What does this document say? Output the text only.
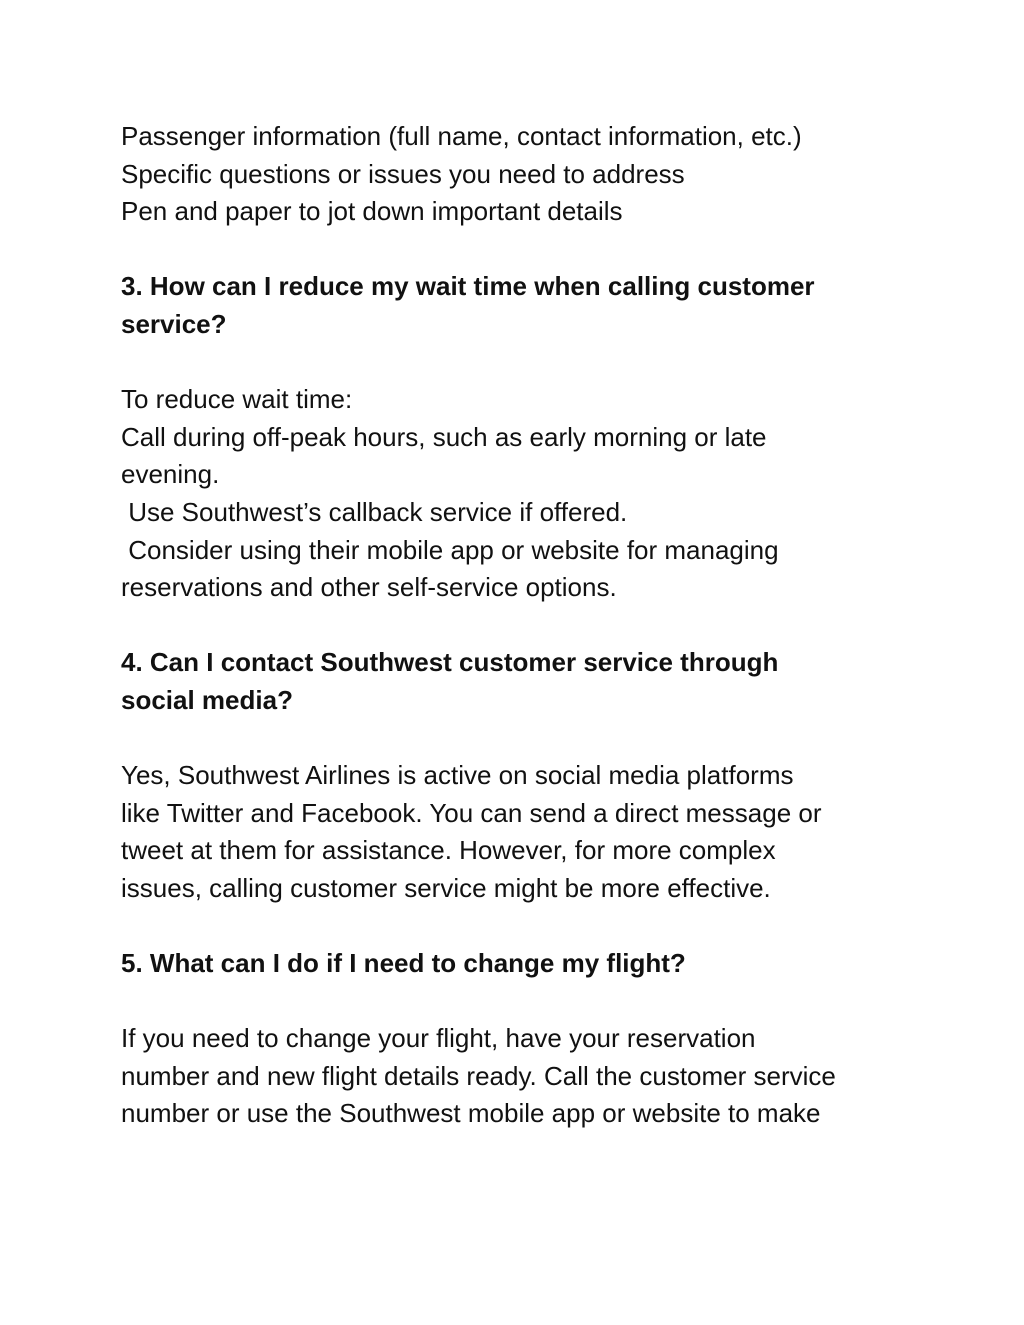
Passenger information (full name, contact information, etc.)
Specific questions or issues you need to address
Pen and paper to jot down important details
3. How can I reduce my wait time when calling customer
service?
To reduce wait time:
Call during off-peak hours, such as early morning or late
evening.
Use Southwest’s callback service if offered.
Consider using their mobile app or website for managing
reservations and other self-service options.
4. Can I contact Southwest customer service through
social media?
Yes, Southwest Airlines is active on social media platforms
like Twitter and Facebook. You can send a direct message or
tweet at them for assistance. However, for more complex
issues, calling customer service might be more effective.
5. What can I do if I need to change my flight?
If you need to change your flight, have your reservation
number and new flight details ready. Call the customer service
number or use the Southwest mobile app or website to make
